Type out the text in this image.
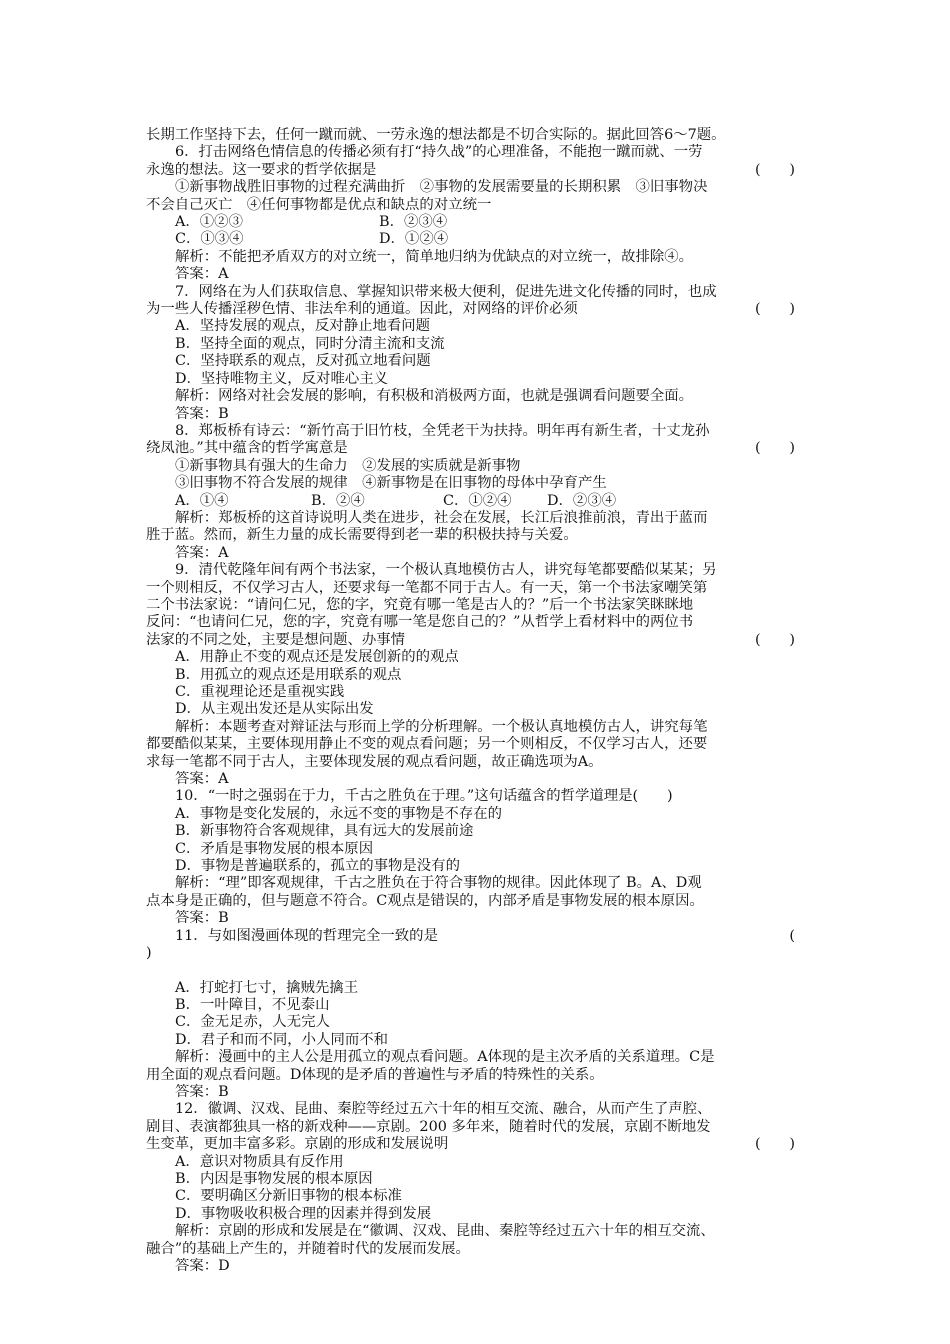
长期工作坚持下去，任何一蹴而就、一劳永逸的想法都是不切合实际的。据此回答6～7题。
6．打击网络色情信息的传播必须有打“持久战”的心理准备，不能抱一蹴而就、一劳
永逸的想法。这一要求的哲学依据是	(　　)
①新事物战胜旧事物的过程充满曲折　②事物的发展需要量的长期积累　③旧事物决
不会自己灭亡　④任何事物都是优点和缺点的对立统一
A．①②③	B．②③④
C．①③④	D．①②④
解析：不能把矛盾双方的对立统一，简单地归纳为优缺点的对立统一，故排除④。
答案：A
7．网络在为人们获取信息、掌握知识带来极大便利，促进先进文化传播的同时，也成
为一些人传播淫秽色情、非法牟利的通道。因此，对网络的评价必须	(　　)
A．坚持发展的观点，反对静止地看问题
B．坚持全面的观点，同时分清主流和支流
C．坚持联系的观点，反对孤立地看问题
D．坚持唯物主义，反对唯心主义
解析：网络对社会发展的影响，有积极和消极两方面，也就是强调看问题要全面。
答案：B
8．郑板桥有诗云：“新竹高于旧竹枝，全凭老干为扶持。明年再有新生者，十丈龙孙
绕凤池。”其中蕴含的哲学寓意是	(　　)
①新事物具有强大的生命力　②发展的实质就是新事物
③旧事物不符合发展的规律　④新事物是在旧事物的母体中孕育产生
A．①④	B．②④	C．①②④	D．②③④
解析：郑板桥的这首诗说明人类在进步，社会在发展，长江后浪推前浪，青出于蓝而
胜于蓝。然而，新生力量的成长需要得到老一辈的积极扶持与关爱。
答案：A
9．清代乾隆年间有两个书法家，一个极认真地模仿古人，讲究每笔都要酷似某某；另
一个则相反，不仅学习古人，还要求每一笔都不同于古人。有一天，第一个书法家嘲笑第
二个书法家说：“请问仁兄，您的字，究竟有哪一笔是古人的？”后一个书法家笑眯眯地
反问：“也请问仁兄，您的字，究竟有哪一笔是您自己的？”从哲学上看材料中的两位书
法家的不同之处，主要是想问题、办事情	(　　)
A．用静止不变的观点还是发展创新的的观点
B．用孤立的观点还是用联系的观点
C．重视理论还是重视实践
D．从主观出发还是从实际出发
解析：本题考查对辩证法与形而上学的分析理解。一个极认真地模仿古人，讲究每笔
都要酷似某某，主要体现用静止不变的观点看问题；另一个则相反，不仅学习古人，还要
求每一笔都不同于古人，主要体现发展的观点看问题，故正确选项为A。
答案：A
10．“一时之强弱在于力，千古之胜负在于理。”这句话蕴含的哲学道理是(　　)
A．事物是变化发展的，永远不变的事物是不存在的
B．新事物符合客观规律，具有远大的发展前途
C．矛盾是事物发展的根本原因
D．事物是普遍联系的，孤立的事物是没有的
解析：“理”即客观规律，千古之胜负在于符合事物的规律。因此体现了 B。A、D观
点本身是正确的，但与题意不符合。C观点是错误的，内部矛盾是事物发展的根本原因。
答案：B
11．与如图漫画体现的哲理完全一致的是	(
)
A．打蛇打七寸，擒贼先擒王
B．一叶障目，不见泰山
C．金无足赤，人无完人
D．君子和而不同，小人同而不和
解析：漫画中的主人公是用孤立的观点看问题。A体现的是主次矛盾的关系道理。C是
用全面的观点看问题。D体现的是矛盾的普遍性与矛盾的特殊性的关系。
答案：B
12．徽调、汉戏、昆曲、秦腔等经过五六十年的相互交流、融合，从而产生了声腔、
剧目、表演都独具一格的新戏种——京剧。200 多年来，随着时代的发展，京剧不断地发
生变革，更加丰富多彩。京剧的形成和发展说明	(　　)
A．意识对物质具有反作用
B．内因是事物发展的根本原因
C．要明确区分新旧事物的根本标准
D．事物吸收积极合理的因素并得到发展
解析：京剧的形成和发展是在“徽调、汉戏、昆曲、秦腔等经过五六十年的相互交流、
融合”的基础上产生的，并随着时代的发展而发展。
答案：D
